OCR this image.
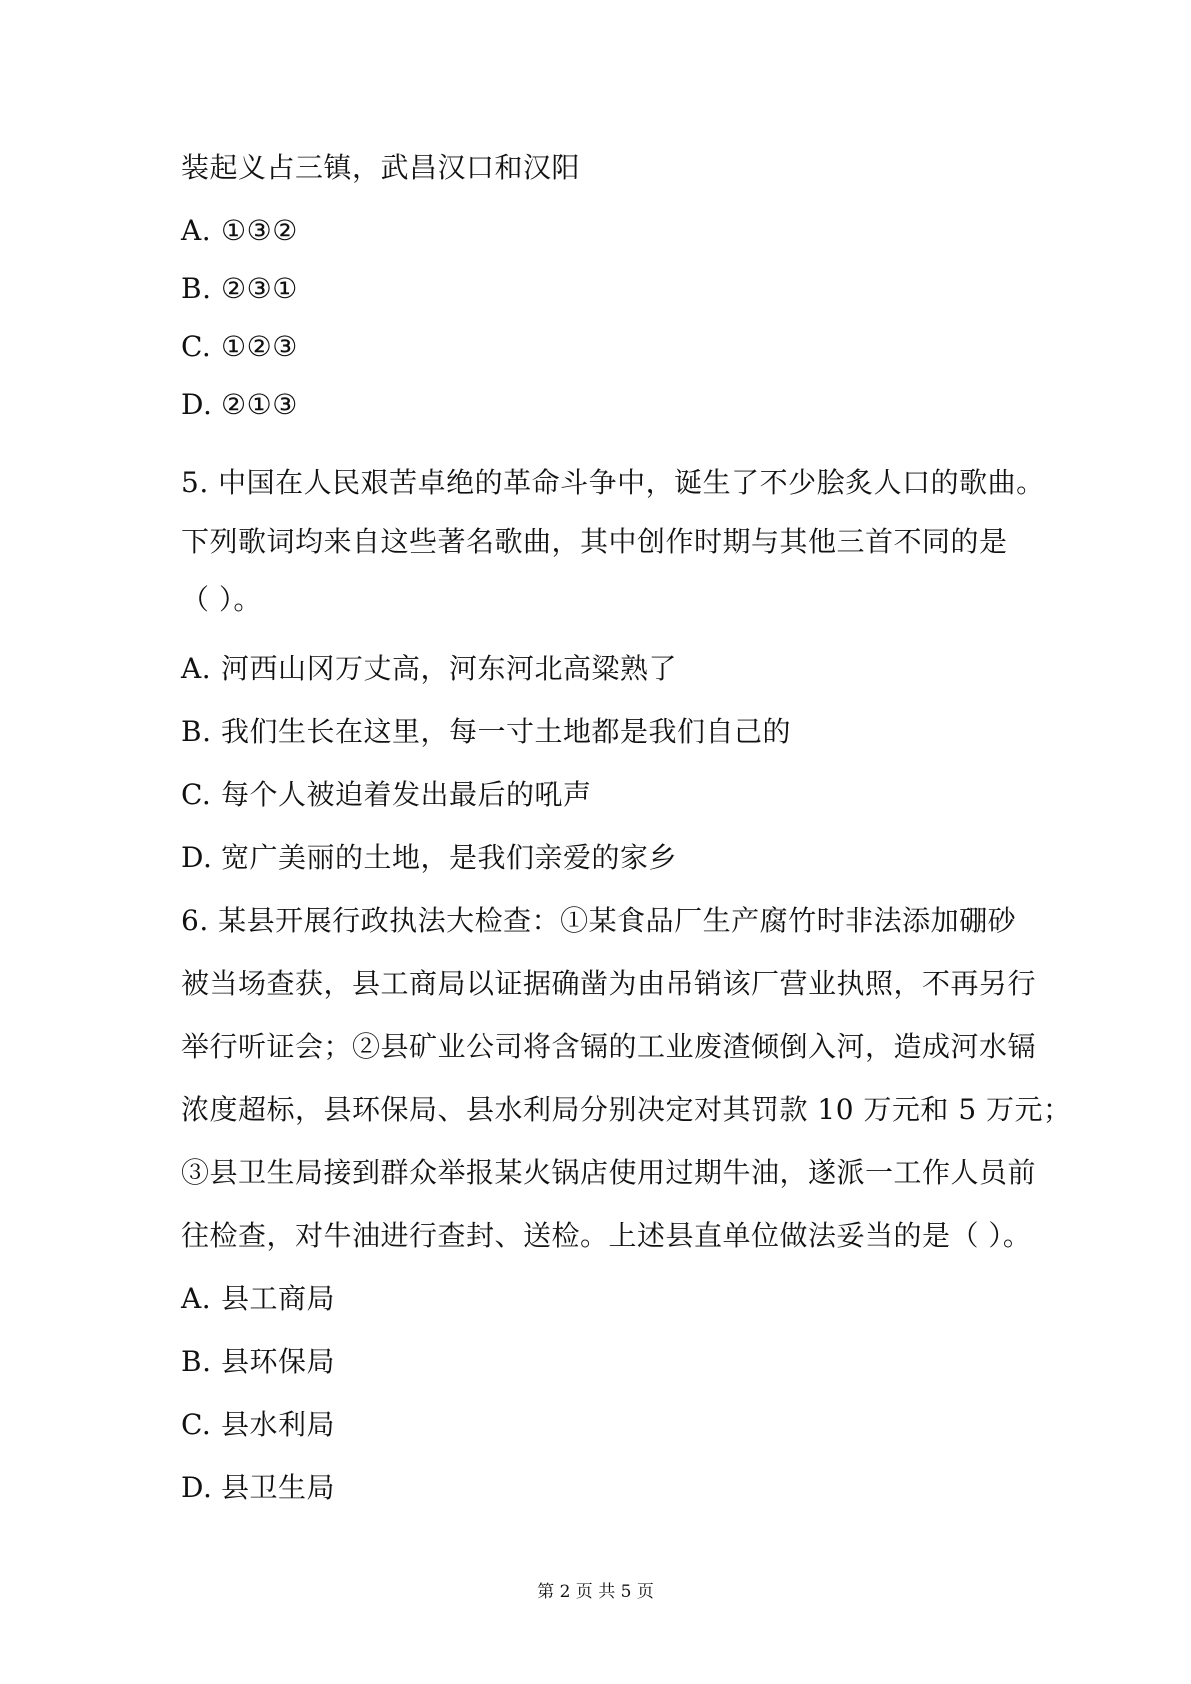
装起义占三镇，武昌汉口和汉阳
A. ①③②
B. ②③①
C. ①②③
D. ②①③
5. 中国在人民艰苦卓绝的革命斗争中，诞生了不少脍炙人口的歌曲。
下列歌词均来自这些著名歌曲，其中创作时期与其他三首不同的是
（ ）。
A. 河西山冈万丈高，河东河北高粱熟了
B. 我们生长在这里，每一寸土地都是我们自己的
C. 每个人被迫着发出最后的吼声
D. 宽广美丽的土地，是我们亲爱的家乡
6. 某县开展行政执法大检查：①某食品厂生产腐竹时非法添加硼砂
被当场查获，县工商局以证据确凿为由吊销该厂营业执照，不再另行
举行听证会；②县矿业公司将含镉的工业废渣倾倒入河，造成河水镉
浓度超标，县环保局、县水利局分别决定对其罚款 10 万元和 5 万元；
③县卫生局接到群众举报某火锅店使用过期牛油，遂派一工作人员前
往检查，对牛油进行查封、送检。上述县直单位做法妥当的是（ ）。
A. 县工商局
B. 县环保局
C. 县水利局
D. 县卫生局
第 2 页 共 5 页
